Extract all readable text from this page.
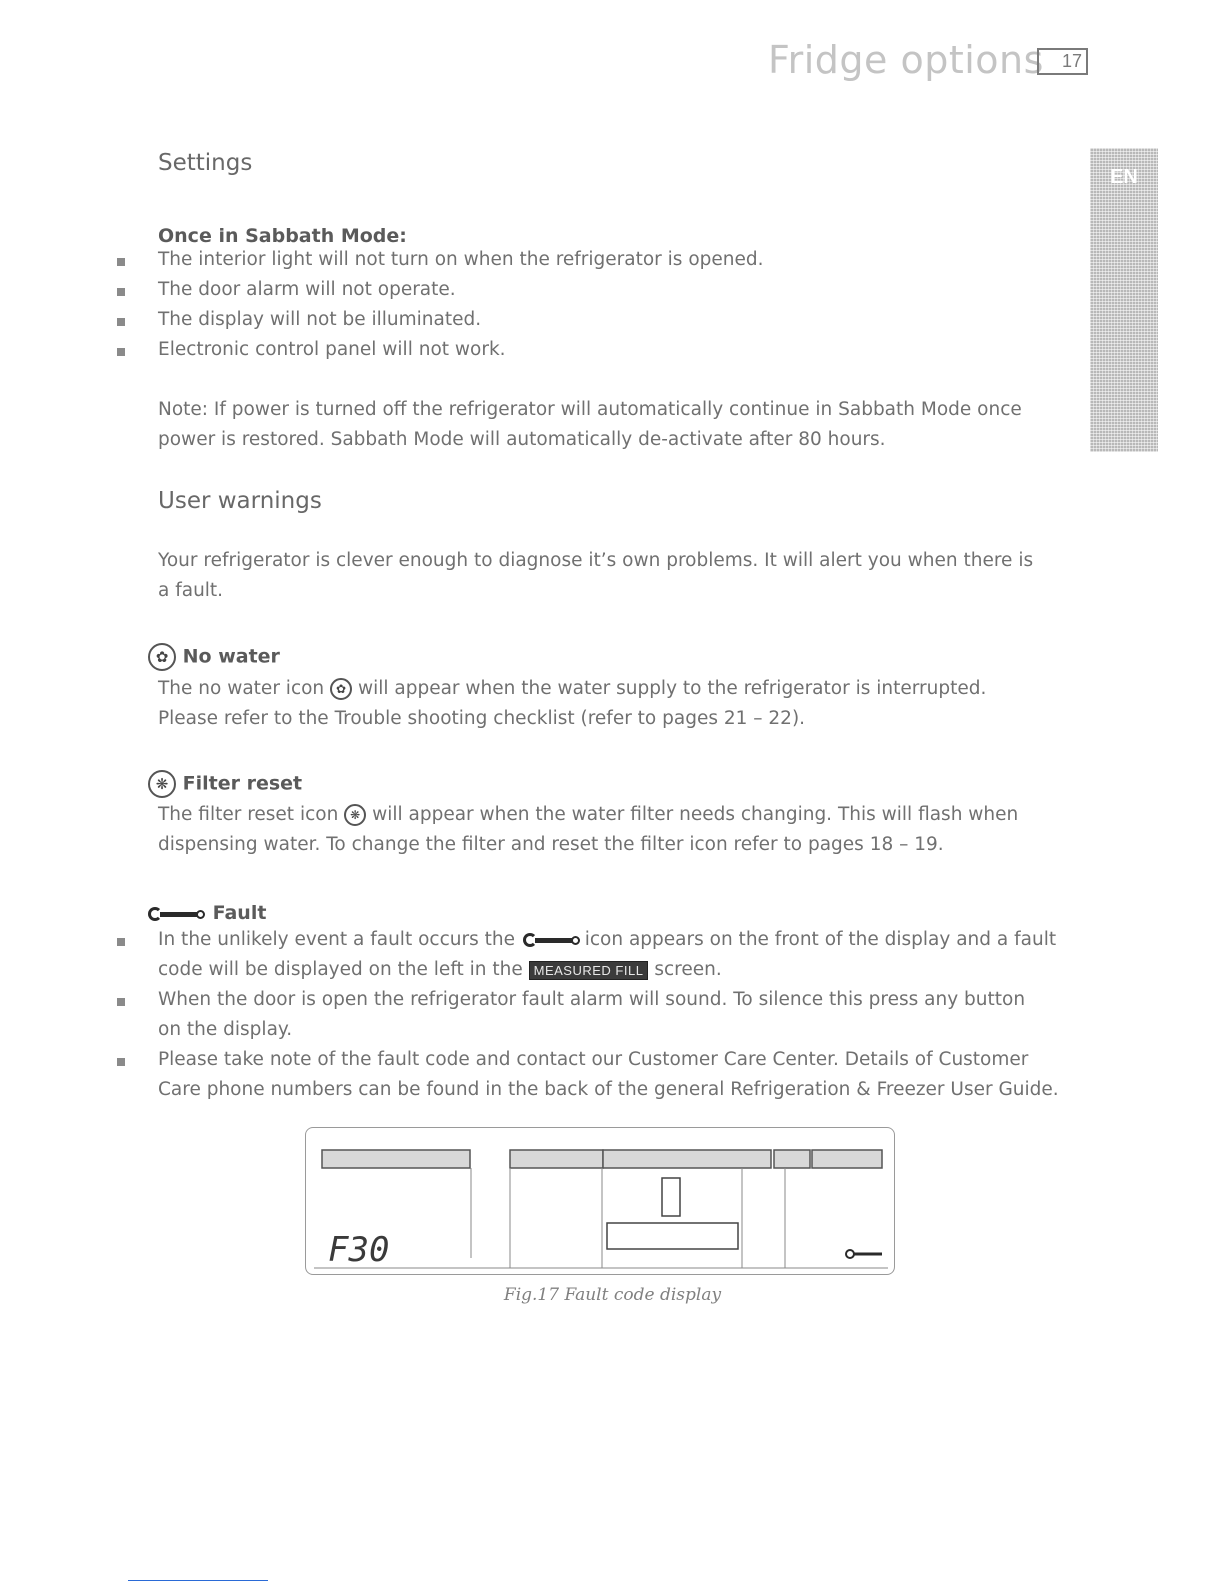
Fridge options	17
EN
Settings
Once in Sabbath Mode:
The interior light will not turn on when the refrigerator is opened.
The door alarm will not operate.
The display will not be illuminated.
Electronic control panel will not work.
Note: If power is turned off the refrigerator will automatically continue in Sabbath Mode once
power is restored. Sabbath Mode will automatically de-activate after 80 hours.
User warnings
Your refrigerator is clever enough to diagnose it’s own problems. It will alert you when there is
a fault.
✿ No water
The no water icon ✿ will appear when the water supply to the refrigerator is interrupted.
Please refer to the Trouble shooting checklist (refer to pages 21 – 22).
❋ Filter reset
The filter reset icon ❋ will appear when the water filter needs changing. This will flash when
dispensing water. To change the filter and reset the filter icon refer to pages 18 – 19.
Fault
In the unlikely event a fault occurs the	icon appears on the front of the display and a fault
code will be displayed on the left in the MEASURED FILL screen.
When the door is open the refrigerator fault alarm will sound. To silence this press any button
on the display.
Please take note of the fault code and contact our Customer Care Center. Details of Customer
Care phone numbers can be found in the back of the general Refrigeration & Freezer User Guide.
F30
Fig.17 Fault code display
